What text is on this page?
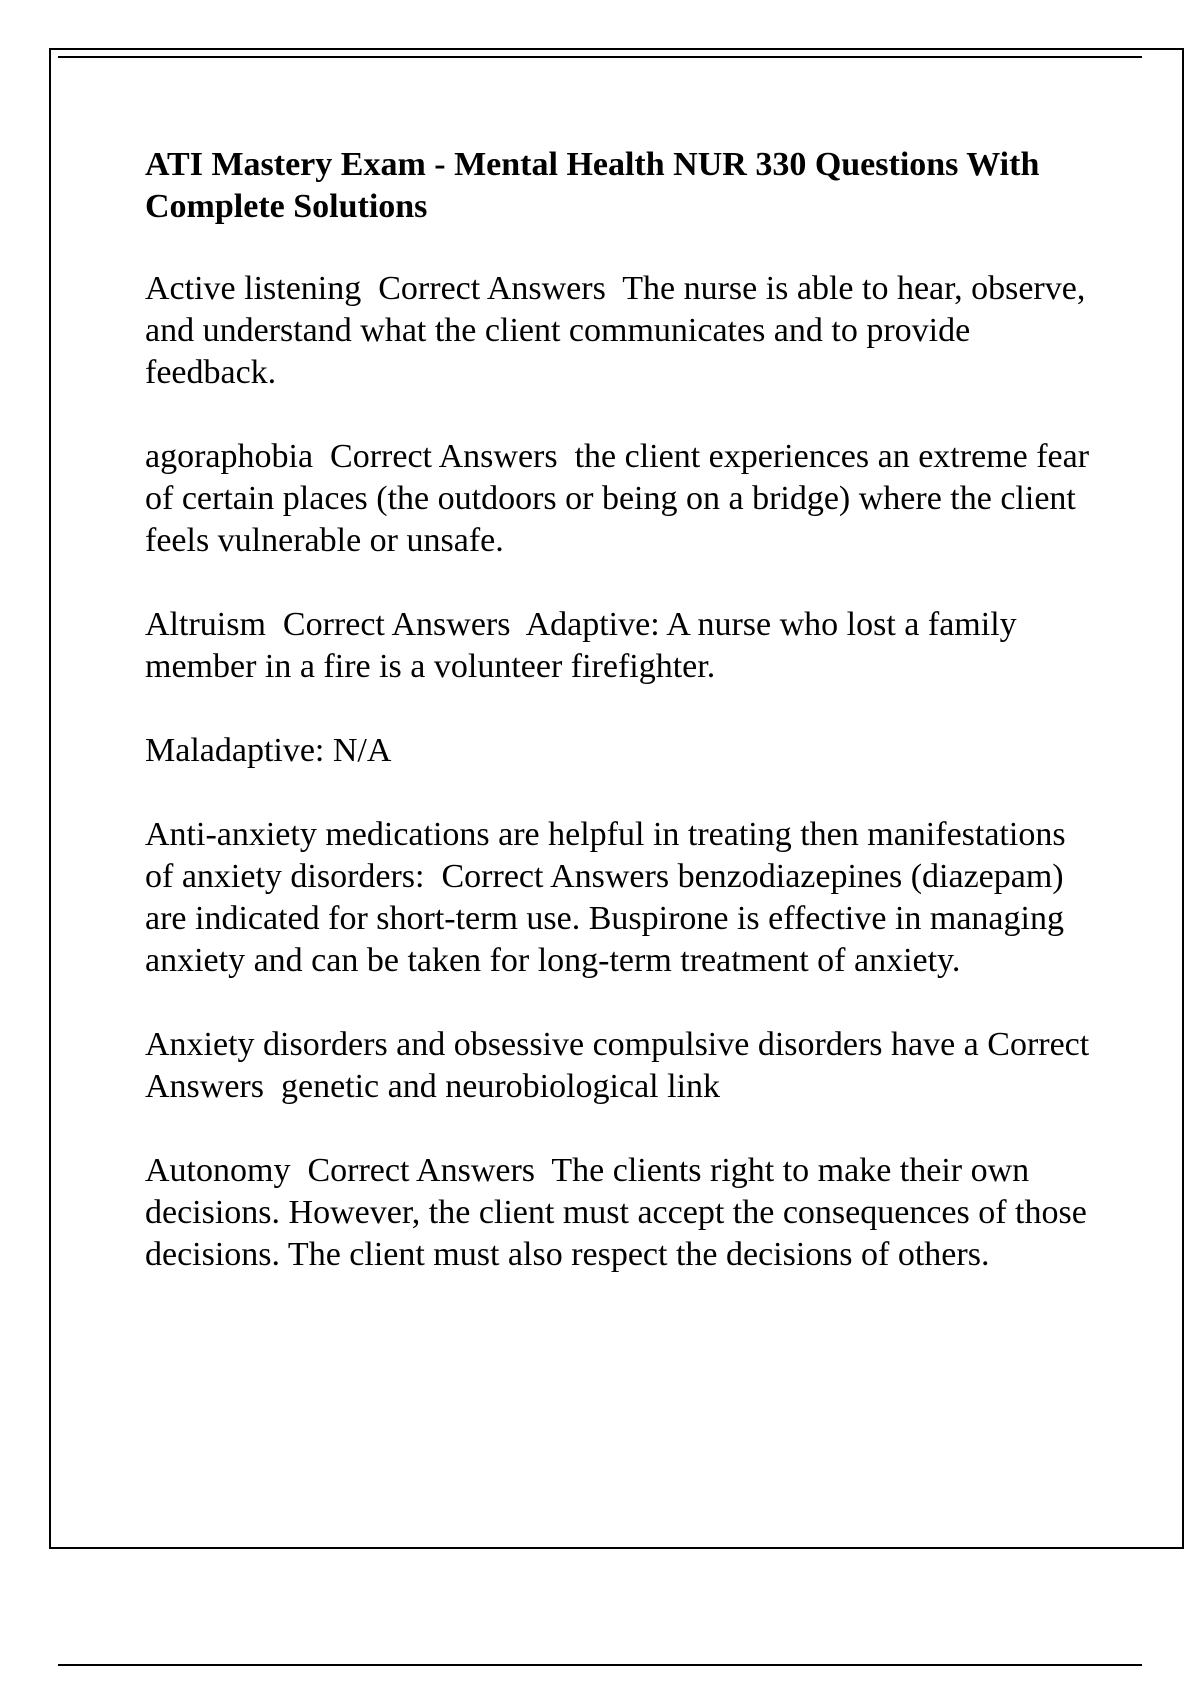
ATI Mastery Exam - Mental Health NUR 330 Questions With Complete Solutions

Active listening Correct Answers The nurse is able to hear, observe, and understand what the client communicates and to provide feedback.

agoraphobia Correct Answers the client experiences an extreme fear of certain places (the outdoors or being on a bridge) where the client feels vulnerable or unsafe.

Altruism Correct Answers Adaptive: A nurse who lost a family member in a fire is a volunteer firefighter.

Maladaptive: N/A

Anti-anxiety medications are helpful in treating then manifestations of anxiety disorders: Correct Answers benzodiazepines (diazepam) are indicated for short-term use. Buspirone is effective in managing anxiety and can be taken for long-term treatment of anxiety.

Anxiety disorders and obsessive compulsive disorders have a Correct Answers genetic and neurobiological link

Autonomy Correct Answers The clients right to make their own decisions. However, the client must accept the consequences of those decisions. The client must also respect the decisions of others.
